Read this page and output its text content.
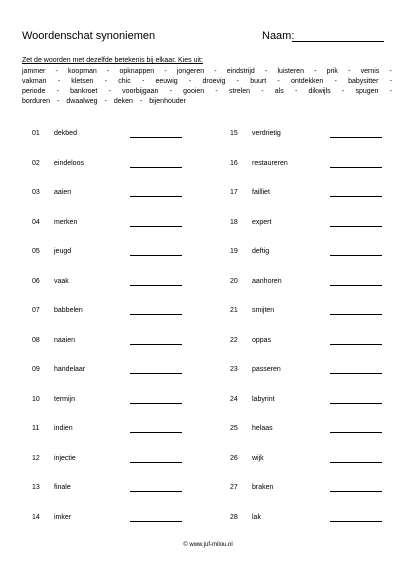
Woordenschat synoniemen	Naam:
Zet de woorden met dezelfde betekenis bij elkaar. Kies uit:
jammer - koopman - opknappen - jongeren - eindstrijd - luisteren - prik - vernis -
vakman - kletsen - chic - eeuwig - droevig - buurt - ontdekken - babysitter -
periode - bankroet - voorbijgaan - gooien - strelen - als - dikwijls - spugen -
borduren - dwaalweg - deken - bijenhouder
01 dekbed
02 eindeloos
03 aaien
04 merken
05 jeugd
06 vaak
07 babbelen
08 naaien
09 handelaar
10 termijn
11 indien
12 injectie
13 finale
14 imker
15 verdrietig
16 restaureren
17 failliet
18 expert
19 deftig
20 aanhoren
21 smijten
22 oppas
23 passeren
24 labyrint
25 helaas
26 wijk
27 braken
28 lak
© www.juf-milou.nl
